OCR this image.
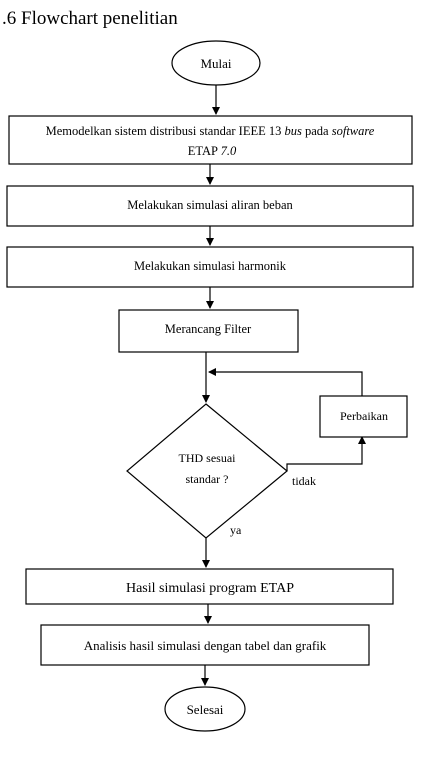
.6 Flowchart penelitian
Mulai
Memodelkan sistem distribusi standar IEEE 13 bus pada software
ETAP 7.0
Melakukan simulasi aliran beban
Melakukan simulasi harmonik
Merancang Filter
THD sesuai
standar ?	tidak
Perbaikan
ya
Hasil simulasi program ETAP
Analisis hasil simulasi dengan tabel dan grafik
Selesai
